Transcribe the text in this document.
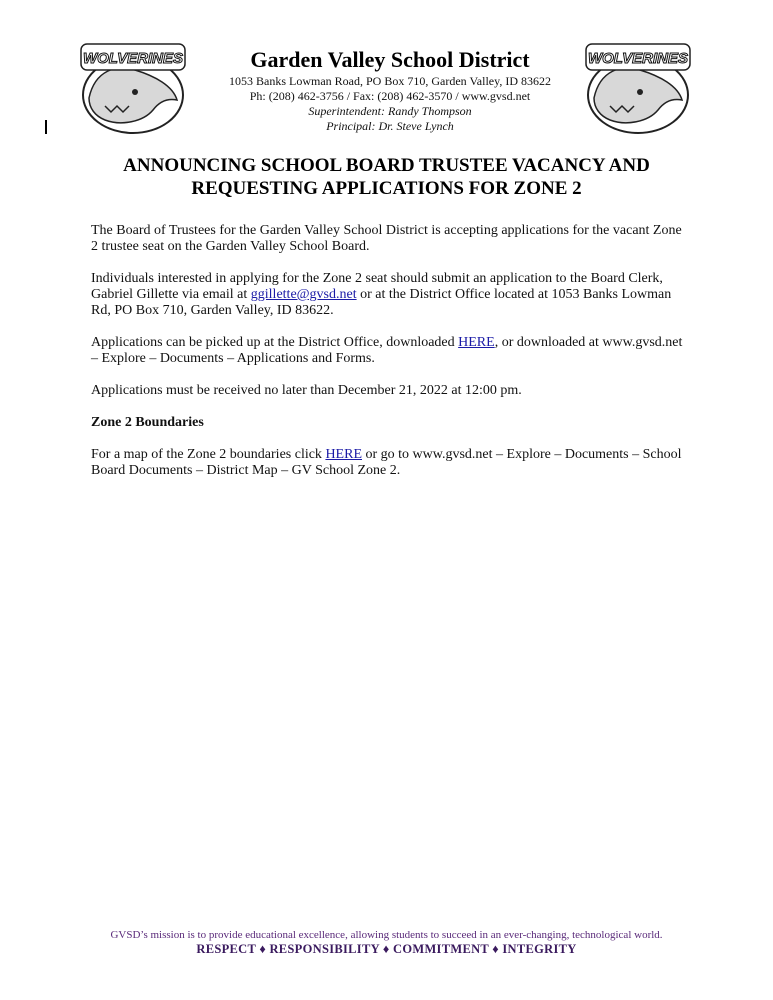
WOLVERINES	WOLVERINES
Garden Valley School District
1053 Banks Lowman Road, PO Box 710, Garden Valley, ID 83622
Ph: (208) 462-3756 / Fax: (208) 462-3570 / www.gvsd.net
Superintendent: Randy Thompson
Principal: Dr. Steve Lynch
ANNOUNCING SCHOOL BOARD TRUSTEE VACANCY AND
REQUESTING APPLICATIONS FOR ZONE 2

The Board of Trustees for the Garden Valley School District is accepting applications for the vacant Zone 2 trustee seat on the Garden Valley School Board.

Individuals interested in applying for the Zone 2 seat should submit an application to the Board Clerk, Gabriel Gillette via email at ggillette@gvsd.net or at the District Office located at 1053 Banks Lowman Rd, PO Box 710, Garden Valley, ID 83622.

Applications can be picked up at the District Office, downloaded HERE, or downloaded at www.gvsd.net – Explore – Documents – Applications and Forms.

Applications must be received no later than December 21, 2022 at 12:00 pm.

Zone 2 Boundaries

For a map of the Zone 2 boundaries click HERE or go to www.gvsd.net – Explore – Documents – School Board Documents – District Map – GV School Zone 2.

GVSD’s mission is to provide educational excellence, allowing students to succeed in an ever-changing, technological world.
RESPECT ♦ RESPONSIBILITY ♦ COMMITMENT ♦ INTEGRITY
